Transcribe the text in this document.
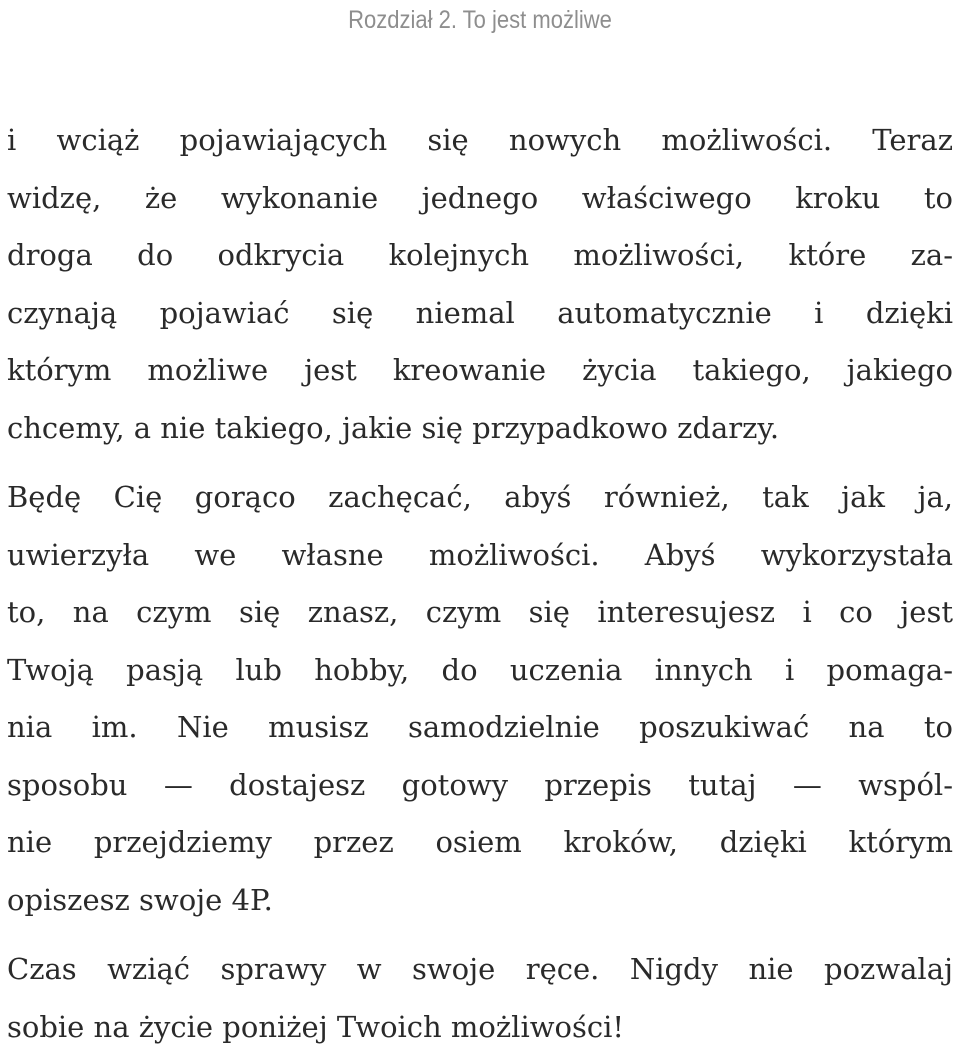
Rozdział 2. To jest możliwe
i wciąż pojawiających się nowych możliwości. Teraz
widzę, że wykonanie jednego właściwego kroku to
droga do odkrycia kolejnych możliwości, które za-
czynają pojawiać się niemal automatycznie i dzięki
którym możliwe jest kreowanie życia takiego, jakiego
chcemy, a nie takiego, jakie się przypadkowo zdarzy.
Będę Cię gorąco zachęcać, abyś również, tak jak ja,
uwierzyła we własne możliwości. Abyś wykorzystała
to, na czym się znasz, czym się interesujesz i co jest
Twoją pasją lub hobby, do uczenia innych i pomaga-
nia im. Nie musisz samodzielnie poszukiwać na to
sposobu — dostajesz gotowy przepis tutaj — wspól-
nie przejdziemy przez osiem kroków, dzięki którym
opiszesz swoje 4P.
Czas wziąć sprawy w swoje ręce. Nigdy nie pozwalaj
sobie na życie poniżej Twoich możliwości!
